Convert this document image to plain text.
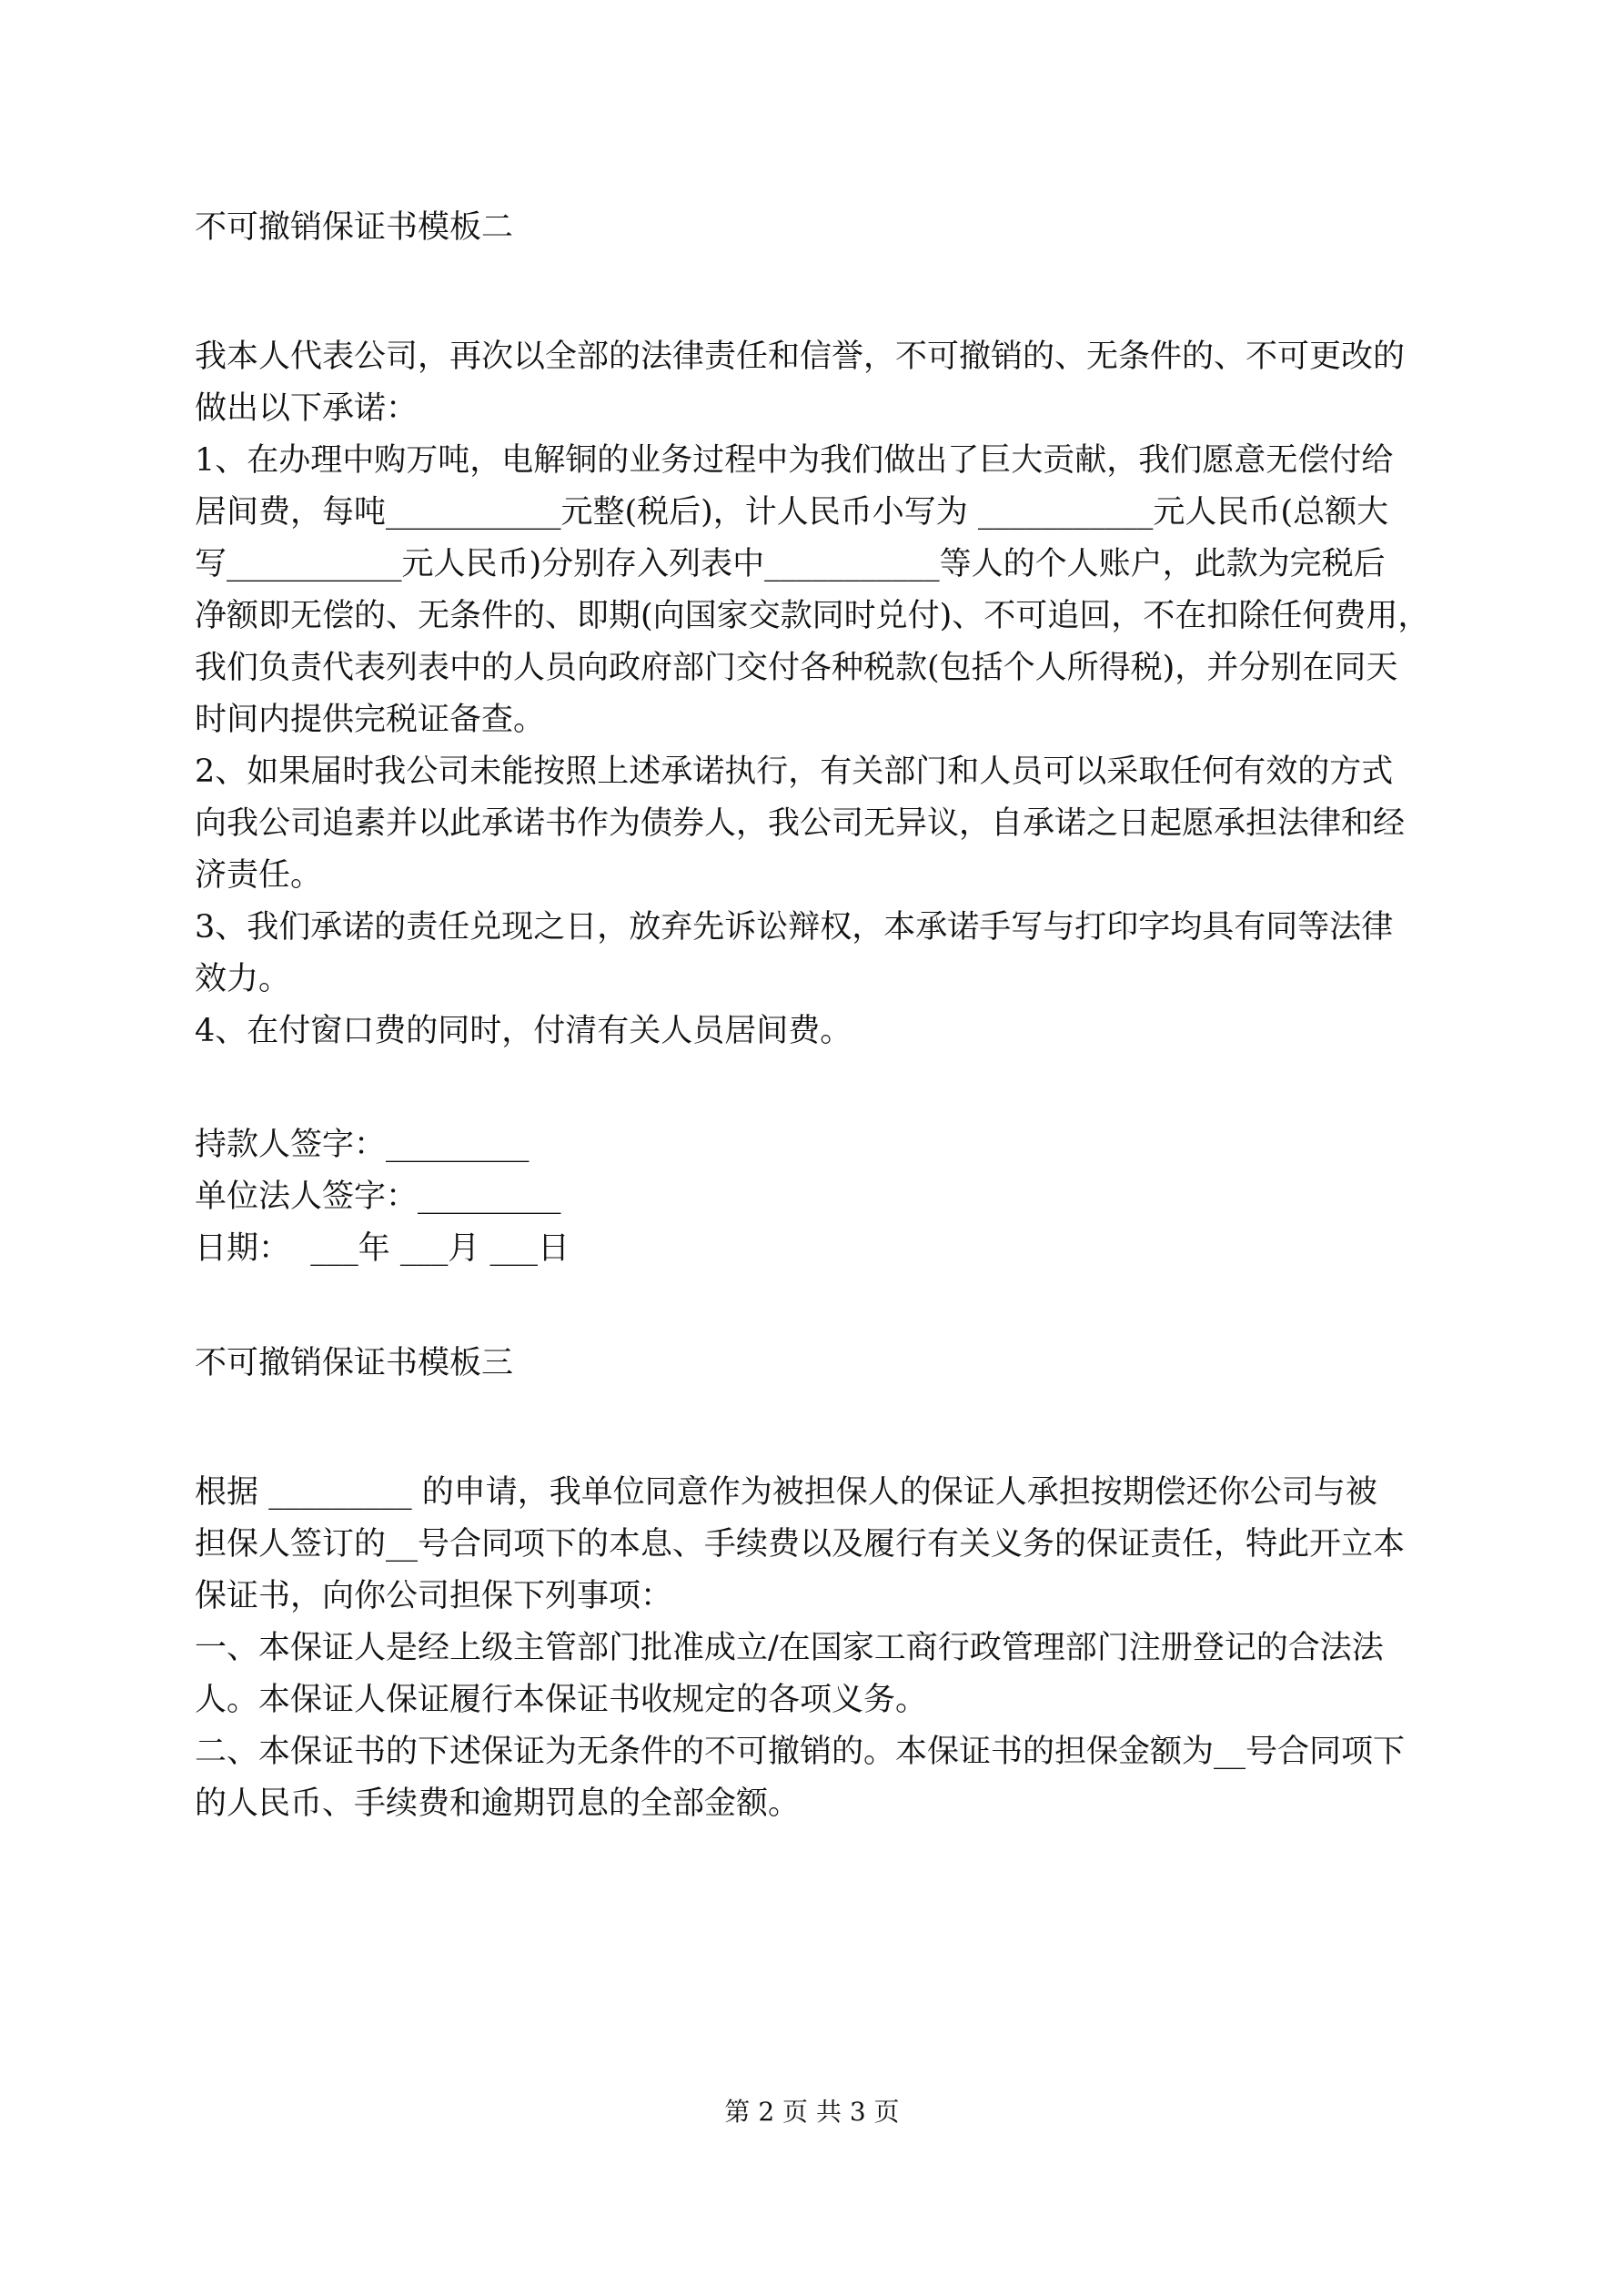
不可撤销保证书模板二
我本人代表公司，再次以全部的法律责任和信誉，不可撤销的、无条件的、不可更改的
做出以下承诺：
1、在办理中购万吨，电解铜的业务过程中为我们做出了巨大贡献，我们愿意无偿付给
居间费，每吨___________元整(税后)，计人民币小写为 ___________元人民币(总额大
写___________元人民币)分别存入列表中___________等人的个人账户，此款为完税后
净额即无偿的、无条件的、即期(向国家交款同时兑付)、不可追回，不在扣除任何费用，
我们负责代表列表中的人员向政府部门交付各种税款(包括个人所得税)，并分别在同天
时间内提供完税证备查。
2、如果届时我公司未能按照上述承诺执行，有关部门和人员可以采取任何有效的方式
向我公司追素并以此承诺书作为债券人，我公司无异议，自承诺之日起愿承担法律和经
济责任。
3、我们承诺的责任兑现之日，放弃先诉讼辩权，本承诺手写与打印字均具有同等法律
效力。
4、在付窗口费的同时，付清有关人员居间费。
持款人签字：_________
单位法人签字：_________
日期：  ___年 ___月 ___日
不可撤销保证书模板三
根据 _________ 的申请，我单位同意作为被担保人的保证人承担按期偿还你公司与被
担保人签订的__号合同项下的本息、手续费以及履行有关义务的保证责任，特此开立本
保证书，向你公司担保下列事项：
一、本保证人是经上级主管部门批准成立/在国家工商行政管理部门注册登记的合法法
人。本保证人保证履行本保证书收规定的各项义务。
二、本保证书的下述保证为无条件的不可撤销的。本保证书的担保金额为__号合同项下
的人民币、手续费和逾期罚息的全部金额。
第 2 页 共 3 页
